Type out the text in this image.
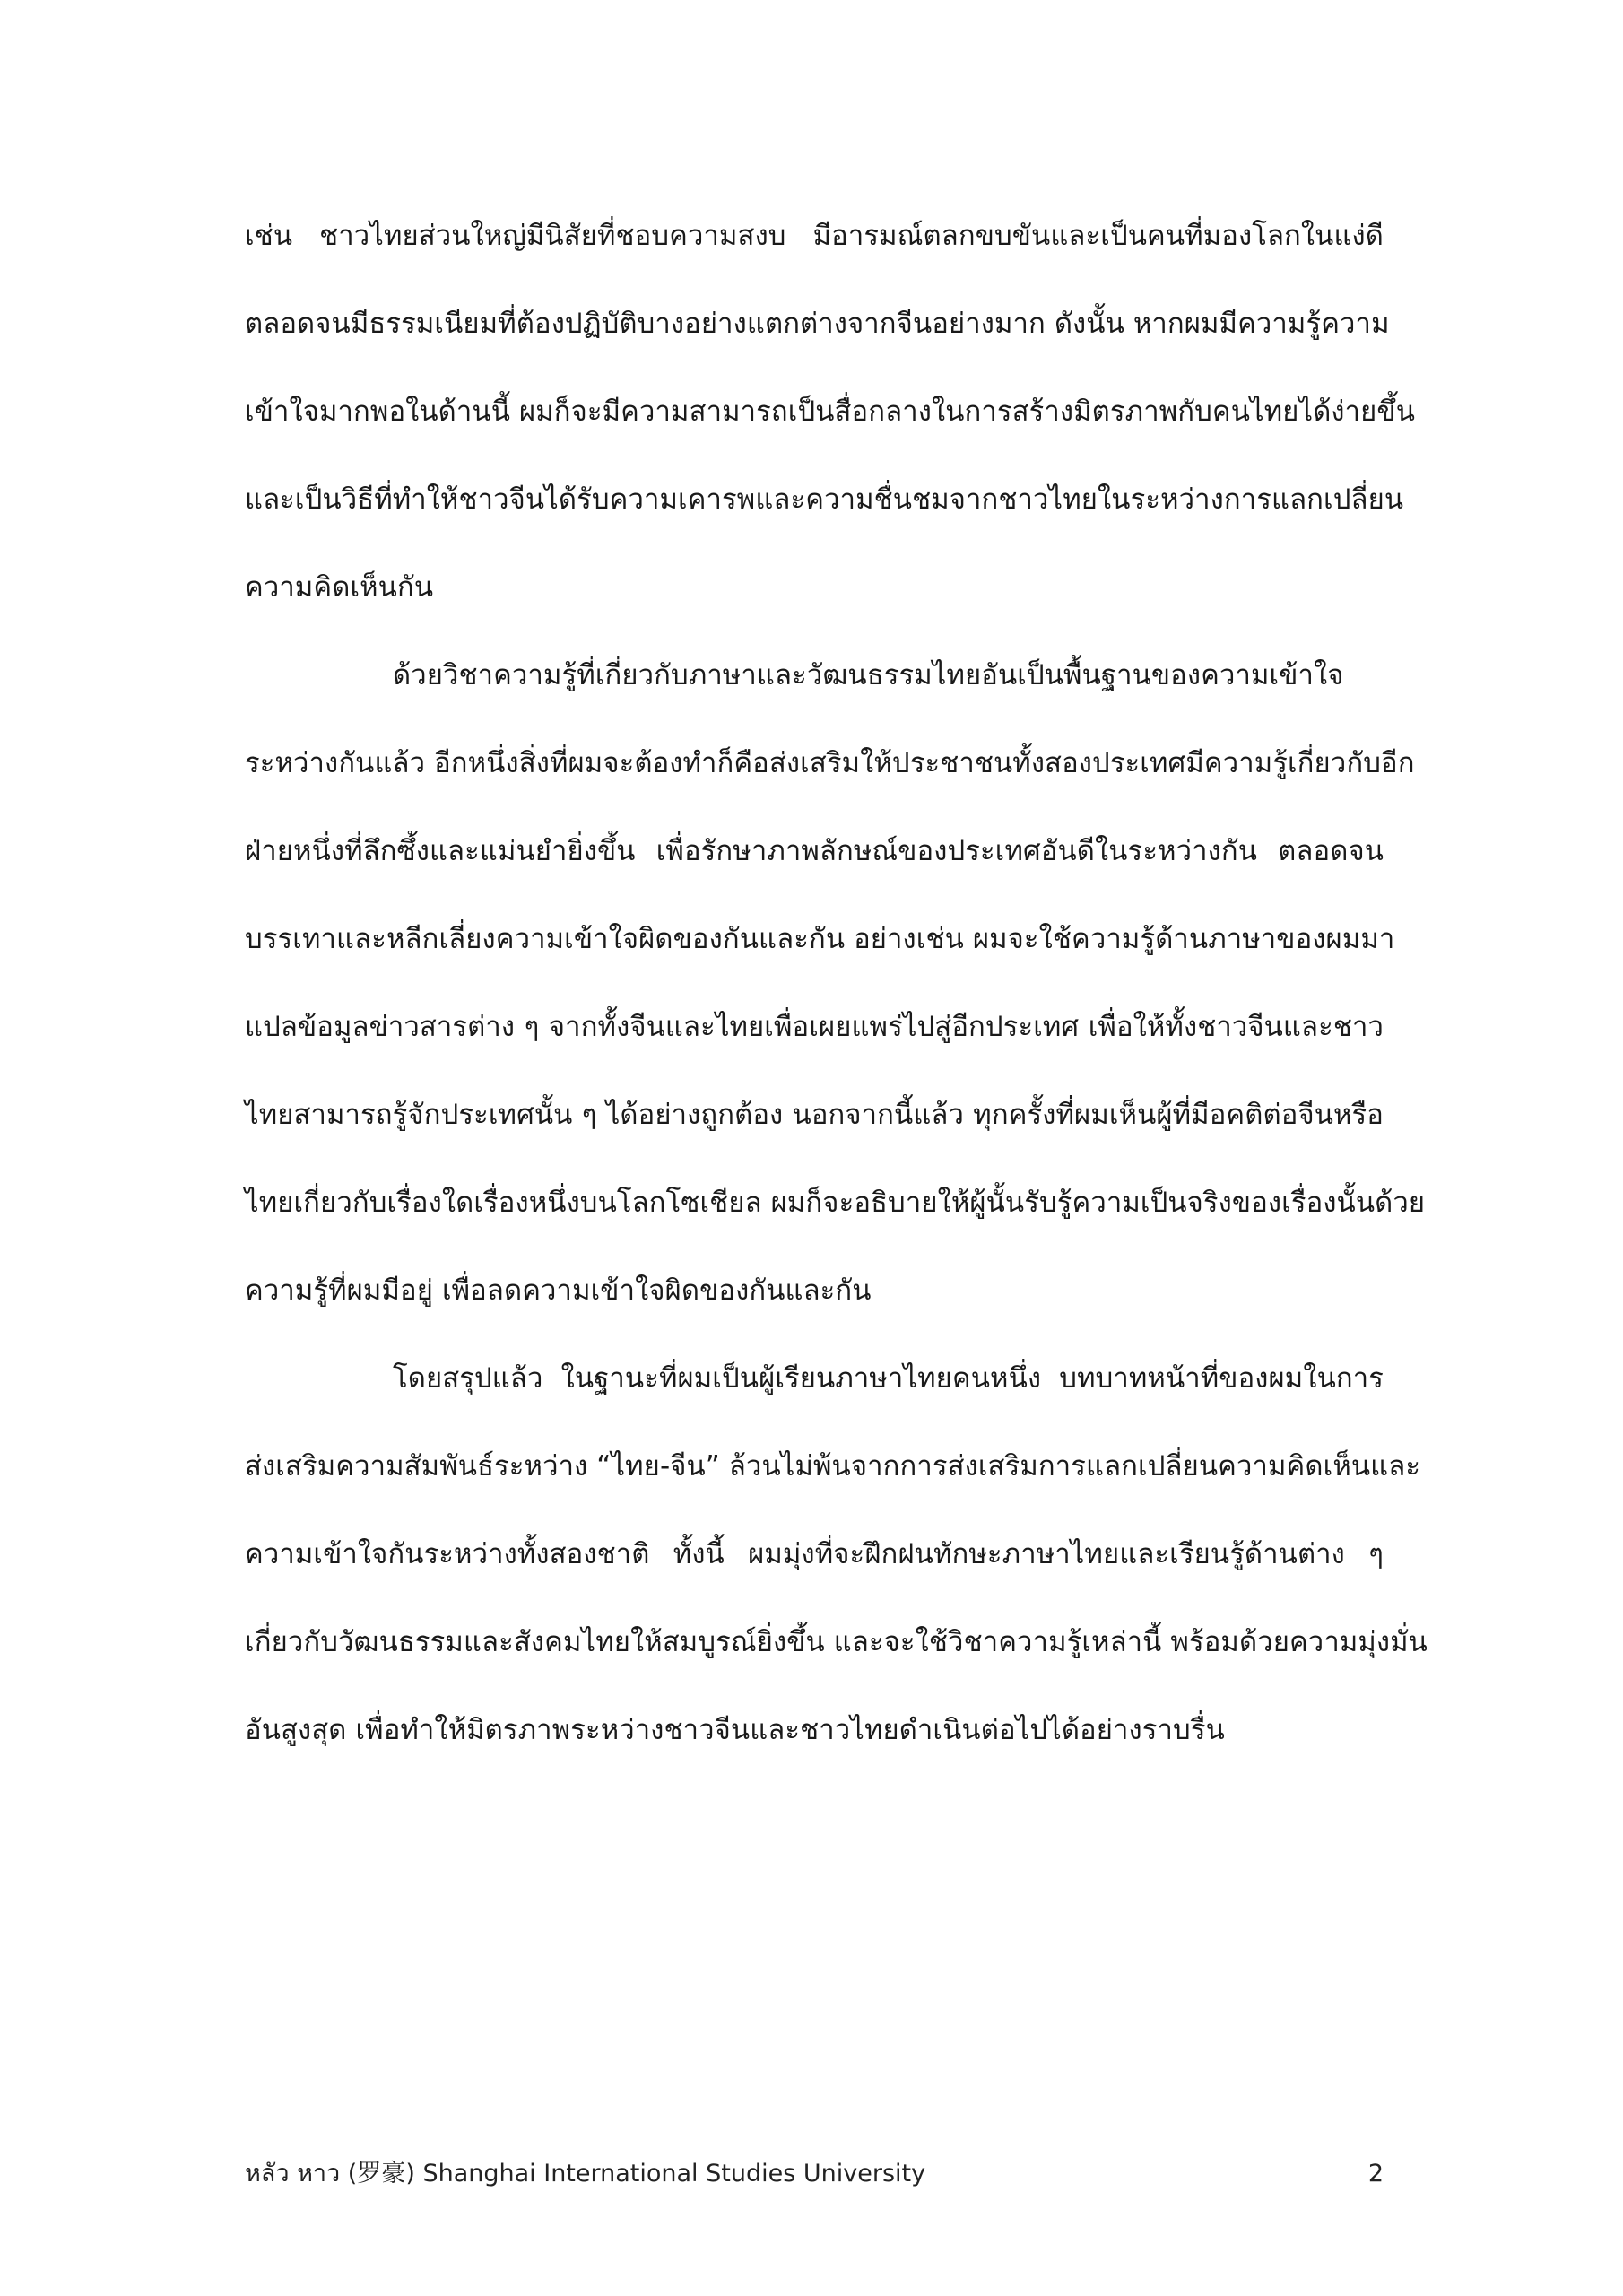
เช่น ชาวไทยส่วนใหญ่มีนิสัยที่ชอบความสงบ มีอารมณ์ตลกขบขันและเป็นคนที่มองโลกในแง่ดี
ตลอดจนมีธรรมเนียมที่ต้องปฏิบัติบางอย่างแตกต่างจากจีนอย่างมาก ดังนั้น หากผมมีความรู้ความ
เข้าใจมากพอในด้านนี้ ผมก็จะมีความสามารถเป็นสื่อกลางในการสร้างมิตรภาพกับคนไทยได้ง่ายขึ้น
และเป็นวิธีที่ทำให้ชาวจีนได้รับความเคารพและความชื่นชมจากชาวไทยในระหว่างการแลกเปลี่ยน
ความคิดเห็นกัน
ด้วยวิชาความรู้ที่เกี่ยวกับภาษาและวัฒนธรรมไทยอันเป็นพื้นฐานของความเข้าใจ
ระหว่างกันแล้ว อีกหนึ่งสิ่งที่ผมจะต้องทำก็คือส่งเสริมให้ประชาชนทั้งสองประเทศมีความรู้เกี่ยวกับอีก
ฝ่ายหนึ่งที่ลึกซึ้งและแม่นยำยิ่งขึ้น เพื่อรักษาภาพลักษณ์ของประเทศอันดีในระหว่างกัน ตลอดจน
บรรเทาและหลีกเลี่ยงความเข้าใจผิดของกันและกัน อย่างเช่น ผมจะใช้ความรู้ด้านภาษาของผมมา
แปลข้อมูลข่าวสารต่าง ๆ จากทั้งจีนและไทยเพื่อเผยแพร่ไปสู่อีกประเทศ เพื่อให้ทั้งชาวจีนและชาว
ไทยสามารถรู้จักประเทศนั้น ๆ ได้อย่างถูกต้อง นอกจากนี้แล้ว ทุกครั้งที่ผมเห็นผู้ที่มีอคติต่อจีนหรือ
ไทยเกี่ยวกับเรื่องใดเรื่องหนึ่งบนโลกโซเชียล ผมก็จะอธิบายให้ผู้นั้นรับรู้ความเป็นจริงของเรื่องนั้นด้วย
ความรู้ที่ผมมีอยู่ เพื่อลดความเข้าใจผิดของกันและกัน
โดยสรุปแล้ว ในฐานะที่ผมเป็นผู้เรียนภาษาไทยคนหนึ่ง บทบาทหน้าที่ของผมในการ
ส่งเสริมความสัมพันธ์ระหว่าง “ไทย-จีน” ล้วนไม่พ้นจากการส่งเสริมการแลกเปลี่ยนความคิดเห็นและ
ความเข้าใจกันระหว่างทั้งสองชาติ ทั้งนี้ ผมมุ่งที่จะฝึกฝนทักษะภาษาไทยและเรียนรู้ด้านต่าง ๆ
เกี่ยวกับวัฒนธรรมและสังคมไทยให้สมบูรณ์ยิ่งขึ้น และจะใช้วิชาความรู้เหล่านี้ พร้อมด้วยความมุ่งมั่น
อันสูงสุด เพื่อทำให้มิตรภาพระหว่างชาวจีนและชาวไทยดำเนินต่อไปได้อย่างราบรื่น
หลัว หาว (罗豪) Shanghai International Studies University	2
